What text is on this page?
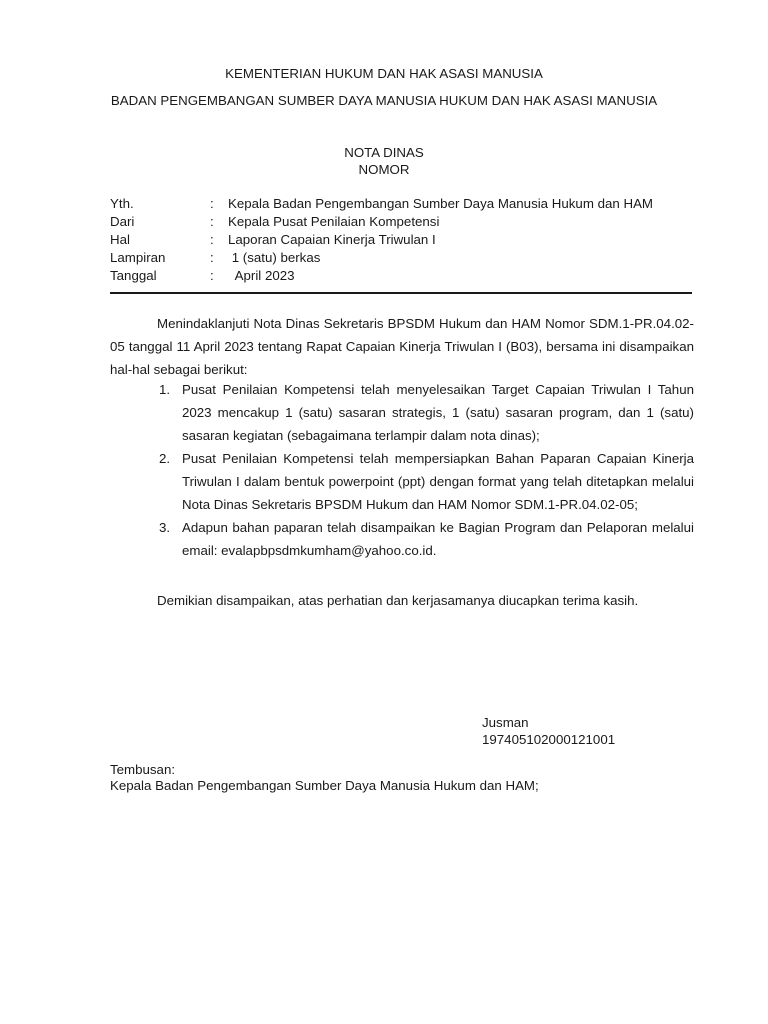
KEMENTERIAN HUKUM DAN HAK ASASI MANUSIA
BADAN PENGEMBANGAN SUMBER DAYA MANUSIA HUKUM DAN HAK ASASI MANUSIA
NOTA DINAS
NOMOR
Yth.	: Kepala Badan Pengembangan Sumber Daya Manusia Hukum dan HAM
Dari	: Kepala Pusat Penilaian Kompetensi
Hal	: Laporan Capaian Kinerja Triwulan I
Lampiran	: 1 (satu) berkas
Tanggal	:  April 2023
Menindaklanjuti Nota Dinas Sekretaris BPSDM Hukum dan HAM Nomor SDM.1-PR.04.02-05 tanggal 11 April 2023 tentang Rapat Capaian Kinerja Triwulan I (B03), bersama ini disampaikan hal-hal sebagai berikut:
1. Pusat Penilaian Kompetensi telah menyelesaikan Target Capaian Triwulan I Tahun 2023 mencakup 1 (satu) sasaran strategis, 1 (satu) sasaran program, dan 1 (satu) sasaran kegiatan (sebagaimana terlampir dalam nota dinas);
2. Pusat Penilaian Kompetensi telah mempersiapkan Bahan Paparan Capaian Kinerja Triwulan I dalam bentuk powerpoint (ppt) dengan format yang telah ditetapkan melalui Nota Dinas Sekretaris BPSDM Hukum dan HAM Nomor SDM.1-PR.04.02-05;
3. Adapun bahan paparan telah disampaikan ke Bagian Program dan Pelaporan melalui email: evalapbpsdmkumham@yahoo.co.id.
Demikian disampaikan, atas perhatian dan kerjasamanya diucapkan terima kasih.
Jusman
197405102000121001
Tembusan:
Kepala Badan Pengembangan Sumber Daya Manusia Hukum dan HAM;
